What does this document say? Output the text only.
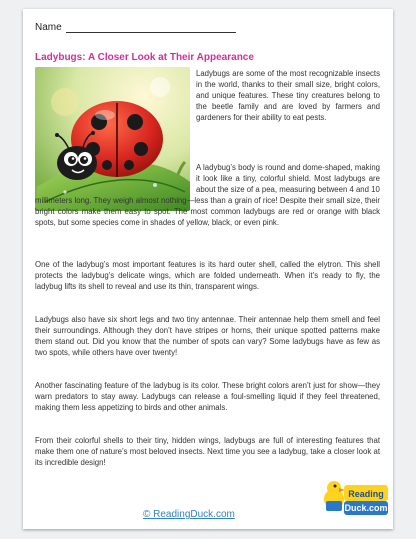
Name
Ladybugs: A Closer Look at Their Appearance

Ladybugs are some of the most recognizable insects in the world, thanks to their small size, bright colors, and unique features. These tiny creatures belong to the beetle family and are loved by farmers and gardeners for their ability to eat pests.

A ladybug’s body is round and dome-shaped, making it look like a tiny, colorful shield. Most ladybugs are about the size of a pea, measuring between 4 and 10
millimeters long. They weigh almost nothing—less than a grain of rice! Despite their small size, their bright colors make them easy to spot. The most common ladybugs are red or orange with black spots, but some species come in shades of yellow, black, or even pink.

One of the ladybug’s most important features is its hard outer shell, called the elytron. This shell protects the ladybug’s delicate wings, which are folded underneath. When it’s ready to fly, the ladybug lifts its shell to reveal and use its thin, transparent wings.

Ladybugs also have six short legs and two tiny antennae. Their antennae help them smell and feel their surroundings. Although they don’t have stripes or horns, their unique spotted patterns make them stand out. Did you know that the number of spots can vary? Some ladybugs have as few as two spots, while others have over twenty!

Another fascinating feature of the ladybug is its color. These bright colors aren’t just for show—they warn predators to stay away. Ladybugs can release a foul-smelling liquid if they feel threatened, making them less appetizing to birds and other animals.

From their colorful shells to their tiny, hidden wings, ladybugs are full of interesting features that make them one of nature’s most beloved insects. Next time you see a ladybug, take a closer look at its incredible design!

© ReadingDuck.com
Reading
Duck.com
